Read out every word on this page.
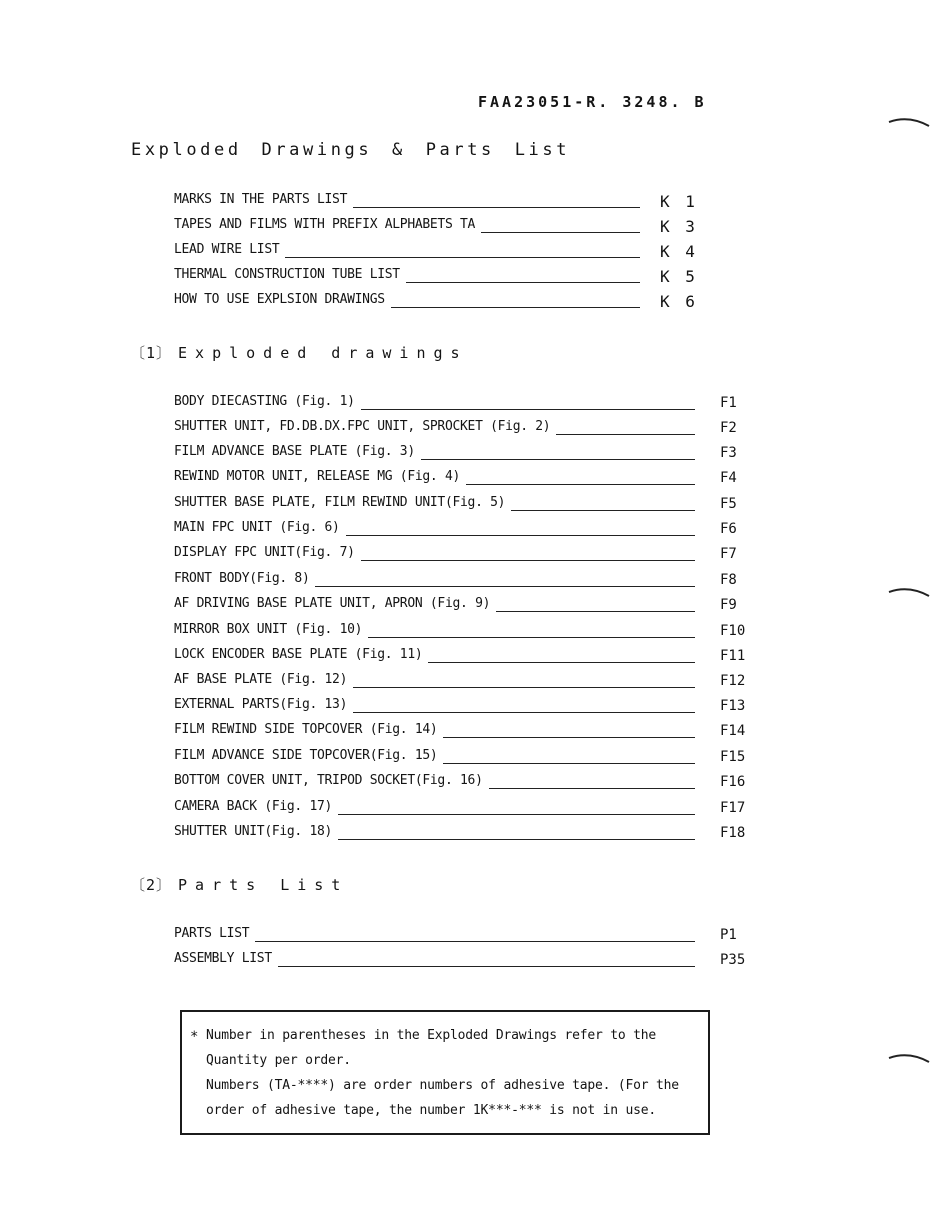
FAA23051-R. 3248. B
Exploded Drawings & Parts List
MARKS IN THE PARTS LIST	K 1
TAPES AND FILMS WITH PREFIX ALPHABETS TA	K 3
LEAD WIRE LIST	K 4
THERMAL CONSTRUCTION TUBE LIST	K 5
HOW TO USE EXPLSION DRAWINGS	K 6
〔1〕 Exploded drawings
BODY DIECASTING (Fig. 1)	F1
SHUTTER UNIT, FD.DB.DX.FPC UNIT, SPROCKET (Fig. 2)	F2
FILM ADVANCE BASE PLATE (Fig. 3)	F3
REWIND MOTOR UNIT, RELEASE MG (Fig. 4)	F4
SHUTTER BASE PLATE, FILM REWIND UNIT(Fig. 5)	F5
MAIN FPC UNIT (Fig. 6)	F6
DISPLAY FPC UNIT(Fig. 7)	F7
FRONT BODY(Fig. 8)	F8
AF DRIVING BASE PLATE UNIT, APRON (Fig. 9)	F9
MIRROR BOX UNIT (Fig. 10)	F10
LOCK ENCODER BASE PLATE (Fig. 11)	F11
AF BASE PLATE (Fig. 12)	F12
EXTERNAL PARTS(Fig. 13)	F13
FILM REWIND SIDE TOPCOVER (Fig. 14)	F14
FILM ADVANCE SIDE TOPCOVER(Fig. 15)	F15
BOTTOM COVER UNIT, TRIPOD SOCKET(Fig. 16)	F16
CAMERA BACK (Fig. 17)	F17
SHUTTER UNIT(Fig. 18)	F18
〔2〕 Parts List
PARTS LIST	P1
ASSEMBLY LIST	P35
* Number in parentheses in the Exploded Drawings refer to the
Quantity per order.
Numbers (TA-****) are order numbers of adhesive tape. (For the
order of adhesive tape, the number 1K***-*** is not in use.
